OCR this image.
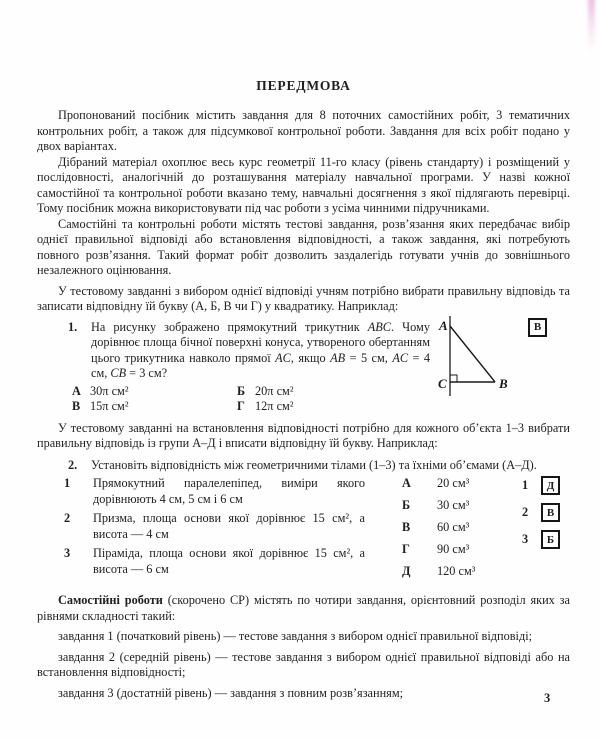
ПЕРЕДМОВА

Пропонований посібник містить завдання для 8 поточних самостійних робіт, 3 тематичних контрольних робіт, а також для підсумкової контрольної роботи. Завдання для всіх робіт подано у двох варіантах.

Дібраний матеріал охоплює весь курс геометрії 11-го класу (рівень стандарту) і розміщений у послідовності, аналогічній до розташування матеріалу навчальної програми. У назві кожної самостійної та контрольної роботи вказано тему, навчальні досягнення з якої підлягають перевірці. Тому посібник можна використовувати під час роботи з усіма чинними підручниками.

Самостійні та контрольні роботи містять тестові завдання, розв’язання яких передбачає вибір однієї правильної відповіді або встановлення відповідності, а також завдання, які потребують повного розв’язання. Такий формат робіт дозволить заздалегідь готувати учнів до зовнішнього незалежного оцінювання.

У тестовому завданні з вибором однієї відповіді учням потрібно вибрати правильну відповідь та записати відповідну їй букву (А, Б, В чи Г) у квадратику. Наприклад:

1.	На рисунку зображено прямокутний трикутник ABC. Чому дорівнює площа бічної поверхні конуса, утвореного обертанням цього трикутника навколо прямої AC, якщо AB = 5 см, AC = 4 см, CB = 3 см?

А 30π см²	Б 20π см²
В 15π см²	Г 12π см²
A
C	B
В

У тестовому завданні на встановлення відповідності потрібно для кожного об’єкта 1–3 вибрати правильну відповідь із групи А–Д і вписати відповідну їй букву. Наприклад:

2.	Установіть відповідність між геометричними тілами (1–3) та їхніми об’ємами (А–Д).

1	Прямокутний паралелепіпед, виміри якого дорівнюють 4 см, 5 см і 6 см
2	Призма, площа основи якої дорівнює 15 см², а висота — 4 см
3	Піраміда, площа основи якої дорівнює 15 см², а висота — 6 см
А	20 см³
Б	30 см³
В	60 см³
Г	90 см³
Д	120 см³
1	Д
2	В
3	Б

Самостійні роботи (скорочено СР) містять по чотири завдання, орієнтовний розподіл яких за рівнями складності такий:

завдання 1 (початковий рівень) — тестове завдання з вибором однієї правильної відповіді;

завдання 2 (середній рівень) — тестове завдання з вибором однієї правильної відповіді або на встановлення відповідності;

завдання 3 (достатній рівень) — завдання з повним розв’язанням;	3
